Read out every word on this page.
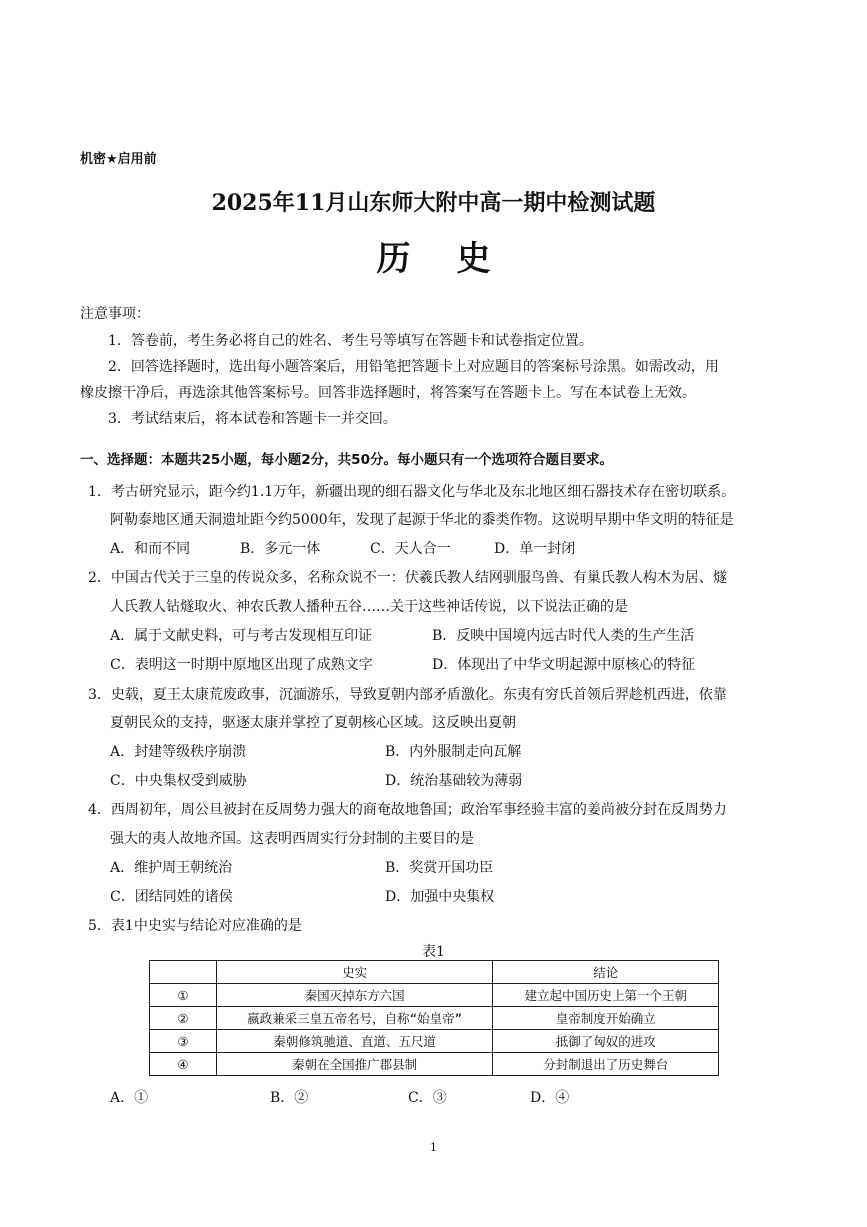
机密★启用前
2025年11月山东师大附中高一期中检测试题
历史
注意事项：
1．答卷前，考生务必将自己的姓名、考生号等填写在答题卡和试卷指定位置。
2．回答选择题时，选出每小题答案后，用铅笔把答题卡上对应题目的答案标号涂黑。如需改动，用
橡皮擦干净后，再选涂其他答案标号。回答非选择题时，将答案写在答题卡上。写在本试卷上无效。
3．考试结束后，将本试卷和答题卡一并交回。
一、选择题：本题共25小题，每小题2分，共50分。每小题只有一个选项符合题目要求。
1．考古研究显示，距今约1.1万年，新疆出现的细石器文化与华北及东北地区细石器技术存在密切联系。
阿勒泰地区通天洞遗址距今约5000年，发现了起源于华北的黍类作物。这说明早期中华文明的特征是
A．和而不同	B．多元一体	C．天人合一	D．单一封闭
2．中国古代关于三皇的传说众多，名称众说不一：伏羲氏教人结网驯服鸟兽、有巢氏教人构木为居、燧
人氏教人钻燧取火、神农氏教人播种五谷……关于这些神话传说，以下说法正确的是
A．属于文献史料，可与考古发现相互印证	B．反映中国境内远古时代人类的生产生活
C．表明这一时期中原地区出现了成熟文字	D．体现出了中华文明起源中原核心的特征
3．史载，夏王太康荒废政事，沉湎游乐，导致夏朝内部矛盾激化。东夷有穷氏首领后羿趁机西进，依靠
夏朝民众的支持，驱逐太康并掌控了夏朝核心区域。这反映出夏朝
A．封建等级秩序崩溃	B．内外服制走向瓦解
C．中央集权受到威胁	D．统治基础较为薄弱
4．西周初年，周公旦被封在反周势力强大的商奄故地鲁国；政治军事经验丰富的姜尚被分封在反周势力
强大的夷人故地齐国。这表明西周实行分封制的主要目的是
A．维护周王朝统治	B．奖赏开国功臣
C．团结同姓的诸侯	D．加强中央集权
5．表1中史实与结论对应准确的是
表1
	史实	结论
①	秦国灭掉东方六国	建立起中国历史上第一个王朝
②	嬴政兼采三皇五帝名号，自称“始皇帝”	皇帝制度开始确立
③	秦朝修筑驰道、直道、五尺道	抵御了匈奴的进攻
④	秦朝在全国推广郡县制	分封制退出了历史舞台
A．①	B．②	C．③	D．④
1
